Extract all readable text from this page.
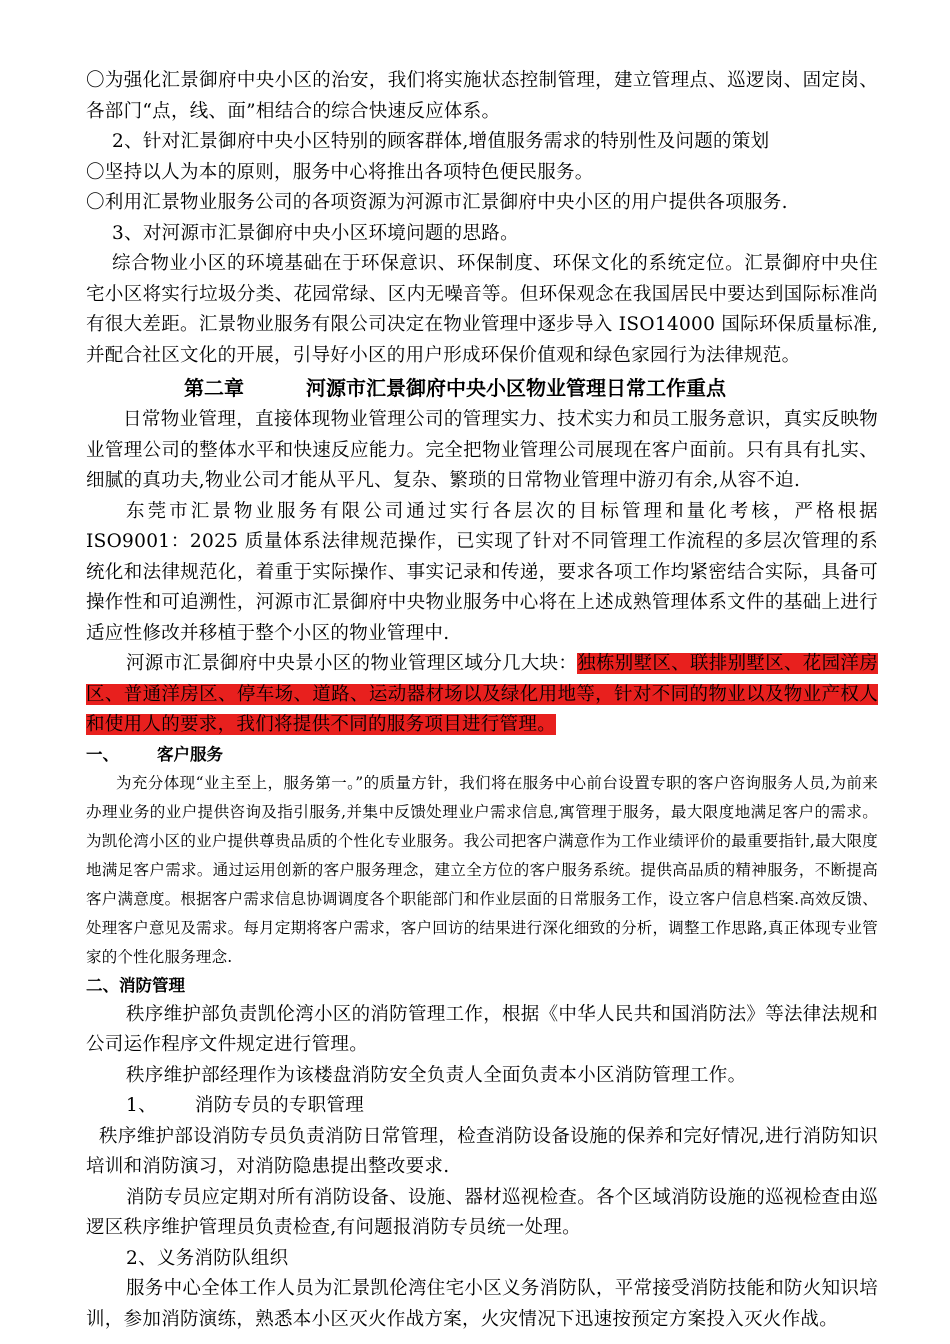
〇为强化汇景御府中央小区的治安，我们将实施状态控制管理，建立管理点、巡逻岗、固定岗、各部门“点，线、面”相结合的综合快速反应体系。

2、针对汇景御府中央小区特别的顾客群体,增值服务需求的特别性及问题的策划

〇坚持以人为本的原则，服务中心将推出各项特色便民服务。

〇利用汇景物业服务公司的各项资源为河源市汇景御府中央小区的用户提供各项服务.

3、对河源市汇景御府中央小区环境问题的思路。

综合物业小区的环境基础在于环保意识、环保制度、环保文化的系统定位。汇景御府中央住宅小区将实行垃圾分类、花园常绿、区内无噪音等。但环保观念在我国居民中要达到国际标准尚有很大差距。汇景物业服务有限公司决定在物业管理中逐步导入 ISO14000 国际环保质量标准,并配合社区文化的开展，引导好小区的用户形成环保价值观和绿色家园行为法律规范。

第二章	河源市汇景御府中央小区物业管理日常工作重点

日常物业管理，直接体现物业管理公司的管理实力、技术实力和员工服务意识，真实反映物业管理公司的整体水平和快速反应能力。完全把物业管理公司展现在客户面前。只有具有扎实、细腻的真功夫,物业公司才能从平凡、复杂、繁琐的日常物业管理中游刃有余,从容不迫.

东莞市汇景物业服务有限公司通过实行各层次的目标管理和量化考核，严格根据 ISO9001：2025 质量体系法律规范操作，已实现了针对不同管理工作流程的多层次管理的系统化和法律规范化，着重于实际操作、事实记录和传递，要求各项工作均紧密结合实际，具备可操作性和可追溯性，河源市汇景御府中央物业服务中心将在上述成熟管理体系文件的基础上进行适应性修改并移植于整个小区的物业管理中.

河源市汇景御府中央景小区的物业管理区域分几大块：独栋别墅区、联排别墅区、花园洋房区、普通洋房区、停车场、道路、运动器材场以及绿化用地等，针对不同的物业以及物业产权人和使用人的要求，我们将提供不同的服务项目进行管理。

一、 客户服务

为充分体现“业主至上，服务第一。”的质量方针，我们将在服务中心前台设置专职的客户咨询服务人员,为前来办理业务的业户提供咨询及指引服务,并集中反馈处理业户需求信息,寓管理于服务，最大限度地满足客户的需求。为凯伦湾小区的业户提供尊贵品质的个性化专业服务。我公司把客户满意作为工作业绩评价的最重要指针,最大限度地满足客户需求。通过运用创新的客户服务理念，建立全方位的客户服务系统。提供高品质的精神服务，不断提高客户满意度。根据客户需求信息协调调度各个职能部门和作业层面的日常服务工作，设立客户信息档案.高效反馈、处理客户意见及需求。每月定期将客户需求，客户回访的结果进行深化细致的分析，调整工作思路,真正体现专业管家的个性化服务理念.

二、消防管理

秩序维护部负责凯伦湾小区的消防管理工作，根据《中华人民共和国消防法》等法律法规和公司运作程序文件规定进行管理。

秩序维护部经理作为该楼盘消防安全负责人全面负责本小区消防管理工作。

1、 消防专员的专职管理

秩序维护部设消防专员负责消防日常管理，检查消防设备设施的保养和完好情况,进行消防知识培训和消防演习，对消防隐患提出整改要求.

消防专员应定期对所有消防设备、设施、器材巡视检查。各个区域消防设施的巡视检查由巡逻区秩序维护管理员负责检查,有问题报消防专员统一处理。

2、义务消防队组织

服务中心全体工作人员为汇景凯伦湾住宅小区义务消防队，平常接受消防技能和防火知识培训，参加消防演练，熟悉本小区灭火作战方案，火灾情况下迅速按预定方案投入灭火作战。
